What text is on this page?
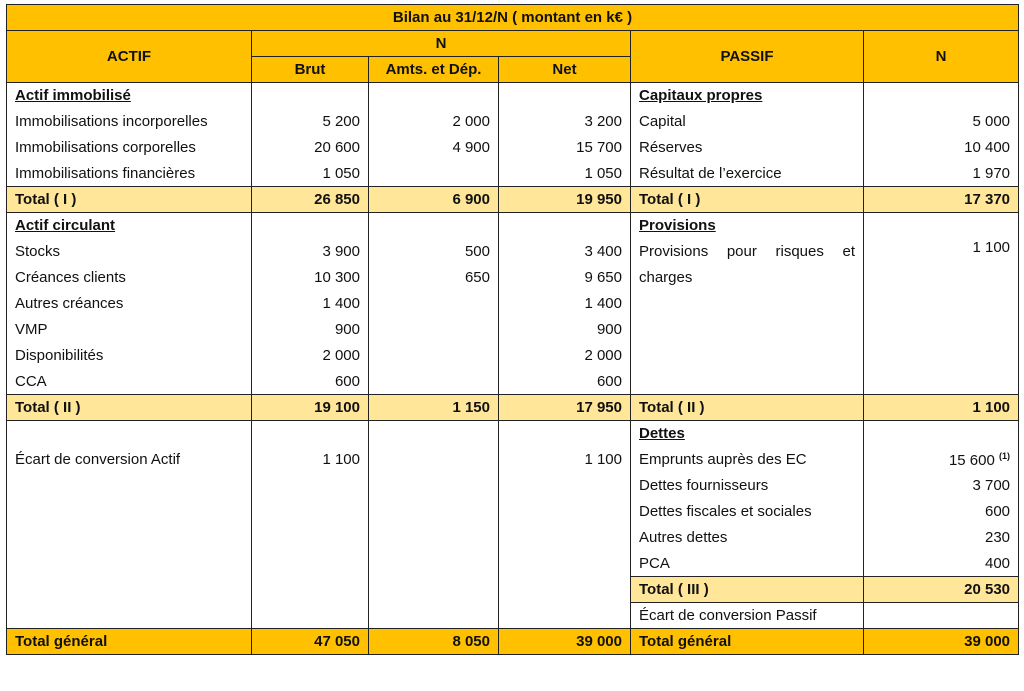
Bilan au 31/12/N ( montant en k€ )					
ACTIF	N			PASSIF	N
	Brut	Amts. et Dép.	Net		
Actif immobilisé				Capitaux propres	
Immobilisations incorporelles	5 200	2 000	3 200	Capital	5 000
Immobilisations corporelles	20 600	4 900	15 700	Réserves	10 400
Immobilisations financières	1 050		1 050	Résultat de l’exercice	1 970
Total ( I )	26 850	6 900	19 950	Total ( I )	17 370
Actif circulant				Provisions	
Stocks	3 900	500	3 400	Provisions pour risques et charges	1 100
Créances clients	10 300	650	9 650		
Autres créances	1 400		1 400		
VMP	900		900		
Disponibilités	2 000		2 000		
CCA	600		600		
Total ( II )	19 100	1 150	17 950	Total ( II )	1 100
				Dettes	
Écart de conversion Actif	1 100		1 100	Emprunts auprès des EC	15 600 $^{(1)}$
				Dettes fournisseurs	3 700
				Dettes fiscales et sociales	600
				Autres dettes	230
				PCA	400
				Total ( III )	20 530
				Écart de conversion Passif	
Total général	47 050	8 050	39 000	Total général	39 000
